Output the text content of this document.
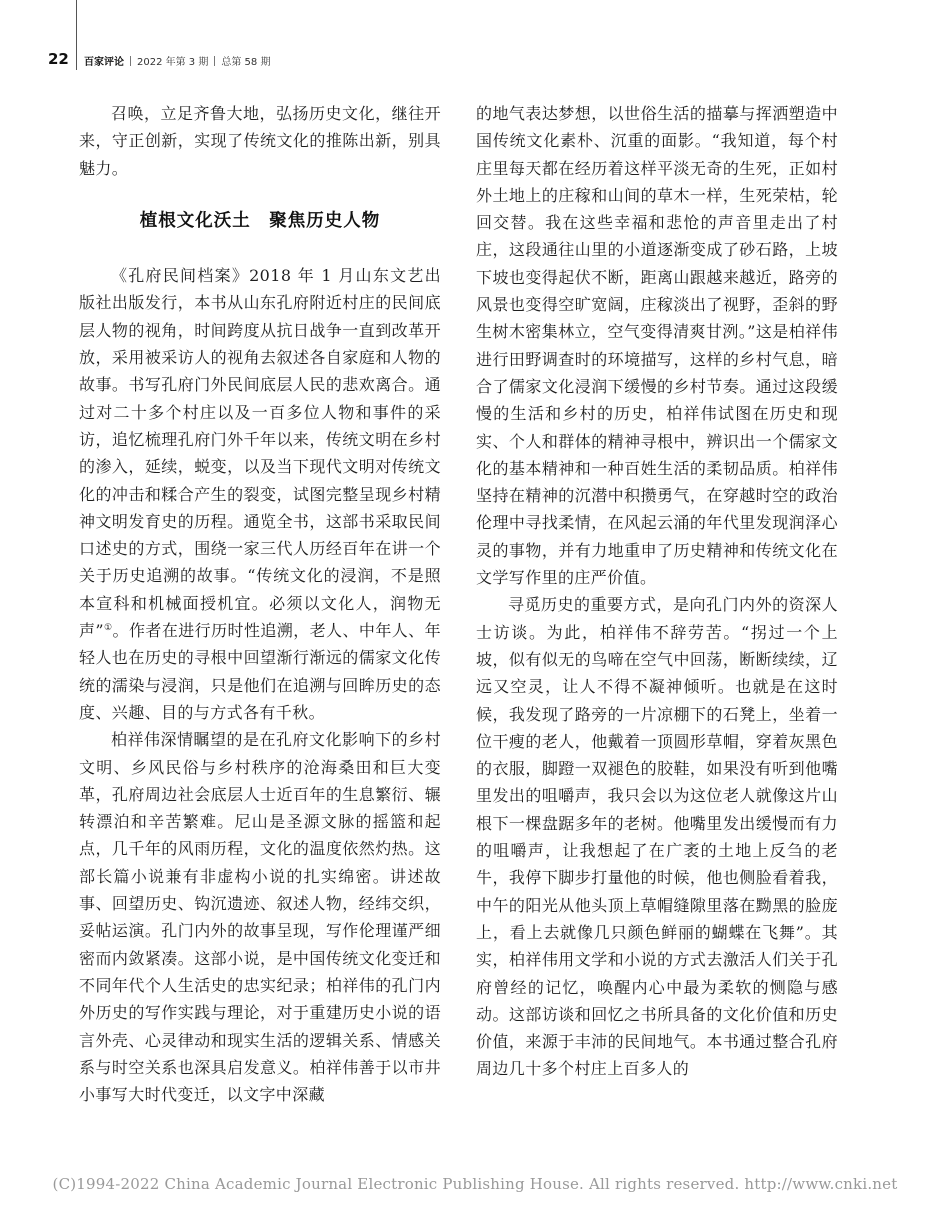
22 百家评论 2022 年第 3 期 总第 58 期

召唤，立足齐鲁大地，弘扬历史文化，继往开来，守正创新，实现了传统文化的推陈出新，别具魅力。

植根文化沃土　聚焦历史人物

《孔府民间档案》2018 年 1 月山东文艺出版社出版发行，本书从山东孔府附近村庄的民间底层人物的视角，时间跨度从抗日战争一直到改革开放，采用被采访人的视角去叙述各自家庭和人物的故事。书写孔府门外民间底层人民的悲欢离合。通过对二十多个村庄以及一百多位人物和事件的采访，追忆梳理孔府门外千年以来，传统文明在乡村的渗入，延续，蜕变，以及当下现代文明对传统文化的冲击和糅合产生的裂变，试图完整呈现乡村精神文明发育史的历程。通览全书，这部书采取民间口述史的方式，围绕一家三代人历经百年在讲一个关于历史追溯的故事。“传统文化的浸润，不是照本宣科和机械面授机宜。必须以文化人，润物无声”①。作者在进行历时性追溯，老人、中年人、年轻人也在历史的寻根中回望渐行渐远的儒家文化传统的濡染与浸润，只是他们在追溯与回眸历史的态度、兴趣、目的与方式各有千秋。

柏祥伟深情瞩望的是在孔府文化影响下的乡村文明、乡风民俗与乡村秩序的沧海桑田和巨大变革，孔府周边社会底层人士近百年的生息繁衍、辗转漂泊和辛苦繁难。尼山是圣源文脉的摇篮和起点，几千年的风雨历程，文化的温度依然灼热。这部长篇小说兼有非虚构小说的扎实绵密。讲述故事、回望历史、钩沉遗迹、叙述人物，经纬交织，妥帖运演。孔门内外的故事呈现，写作伦理谨严细密而内敛紧凑。这部小说，是中国传统文化变迁和不同年代个人生活史的忠实纪录；柏祥伟的孔门内外历史的写作实践与理论，对于重建历史小说的语言外壳、心灵律动和现实生活的逻辑关系、情感关系与时空关系也深具启发意义。柏祥伟善于以市井小事写大时代变迁，以文字中深藏

的地气表达梦想，以世俗生活的描摹与挥洒塑造中国传统文化素朴、沉重的面影。“我知道，每个村庄里每天都在经历着这样平淡无奇的生死，正如村外土地上的庄稼和山间的草木一样，生死荣枯，轮回交替。我在这些幸福和悲怆的声音里走出了村庄，这段通往山里的小道逐渐变成了砂石路，上坡下坡也变得起伏不断，距离山跟越来越近，路旁的风景也变得空旷宽阔，庄稼淡出了视野，歪斜的野生树木密集林立，空气变得清爽甘洌。”这是柏祥伟进行田野调查时的环境描写，这样的乡村气息，暗合了儒家文化浸润下缓慢的乡村节奏。通过这段缓慢的生活和乡村的历史，柏祥伟试图在历史和现实、个人和群体的精神寻根中，辨识出一个儒家文化的基本精神和一种百姓生活的柔韧品质。柏祥伟坚持在精神的沉潜中积攒勇气，在穿越时空的政治伦理中寻找柔情，在风起云涌的年代里发现润泽心灵的事物，并有力地重申了历史精神和传统文化在文学写作里的庄严价值。

寻觅历史的重要方式，是向孔门内外的资深人士访谈。为此，柏祥伟不辞劳苦。“拐过一个上坡，似有似无的鸟啼在空气中回荡，断断续续，辽远又空灵，让人不得不凝神倾听。也就是在这时候，我发现了路旁的一片凉棚下的石凳上，坐着一位干瘦的老人，他戴着一顶圆形草帽，穿着灰黑色的衣服，脚蹬一双褪色的胶鞋，如果没有听到他嘴里发出的咀嚼声，我只会以为这位老人就像这片山根下一棵盘踞多年的老树。他嘴里发出缓慢而有力的咀嚼声，让我想起了在广袤的土地上反刍的老牛，我停下脚步打量他的时候，他也侧脸看着我，中午的阳光从他头顶上草帽缝隙里落在黝黑的脸庞上，看上去就像几只颜色鲜丽的蝴蝶在飞舞”。其实，柏祥伟用文学和小说的方式去激活人们关于孔府曾经的记忆，唤醒内心中最为柔软的恻隐与感动。这部访谈和回忆之书所具备的文化价值和历史价值，来源于丰沛的民间地气。本书通过整合孔府周边几十多个村庄上百多人的

(C)1994-2022 China Academic Journal Electronic Publishing House. All rights reserved. http://www.cnki.net
